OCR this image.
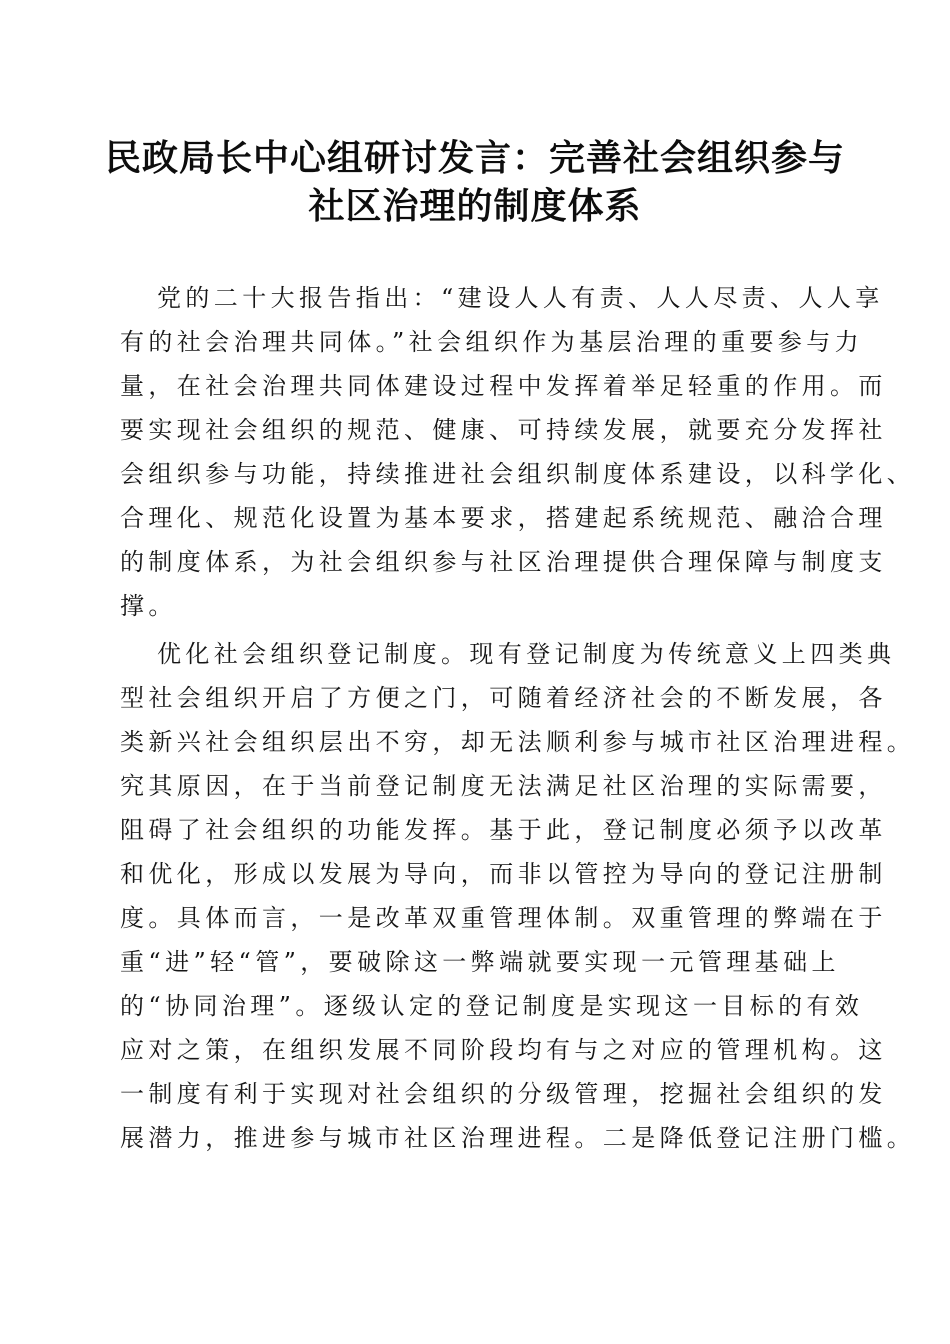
民政局长中心组研讨发言：完善社会组织参与
社区治理的制度体系
党的二十大报告指出：“建设人人有责、人人尽责、人人享
有的社会治理共同体。”社会组织作为基层治理的重要参与力
量，在社会治理共同体建设过程中发挥着举足轻重的作用。而
要实现社会组织的规范、健康、可持续发展，就要充分发挥社
会组织参与功能，持续推进社会组织制度体系建设，以科学化、
合理化、规范化设置为基本要求，搭建起系统规范、融洽合理
的制度体系，为社会组织参与社区治理提供合理保障与制度支
撑。
优化社会组织登记制度。现有登记制度为传统意义上四类典
型社会组织开启了方便之门，可随着经济社会的不断发展，各
类新兴社会组织层出不穷，却无法顺利参与城市社区治理进程。
究其原因，在于当前登记制度无法满足社区治理的实际需要，
阻碍了社会组织的功能发挥。基于此，登记制度必须予以改革
和优化，形成以发展为导向，而非以管控为导向的登记注册制
度。具体而言，一是改革双重管理体制。双重管理的弊端在于
重“进”轻“管”，要破除这一弊端就要实现一元管理基础上
的“协同治理”。逐级认定的登记制度是实现这一目标的有效
应对之策，在组织发展不同阶段均有与之对应的管理机构。这
一制度有利于实现对社会组织的分级管理，挖掘社会组织的发
展潜力，推进参与城市社区治理进程。二是降低登记注册门槛。
